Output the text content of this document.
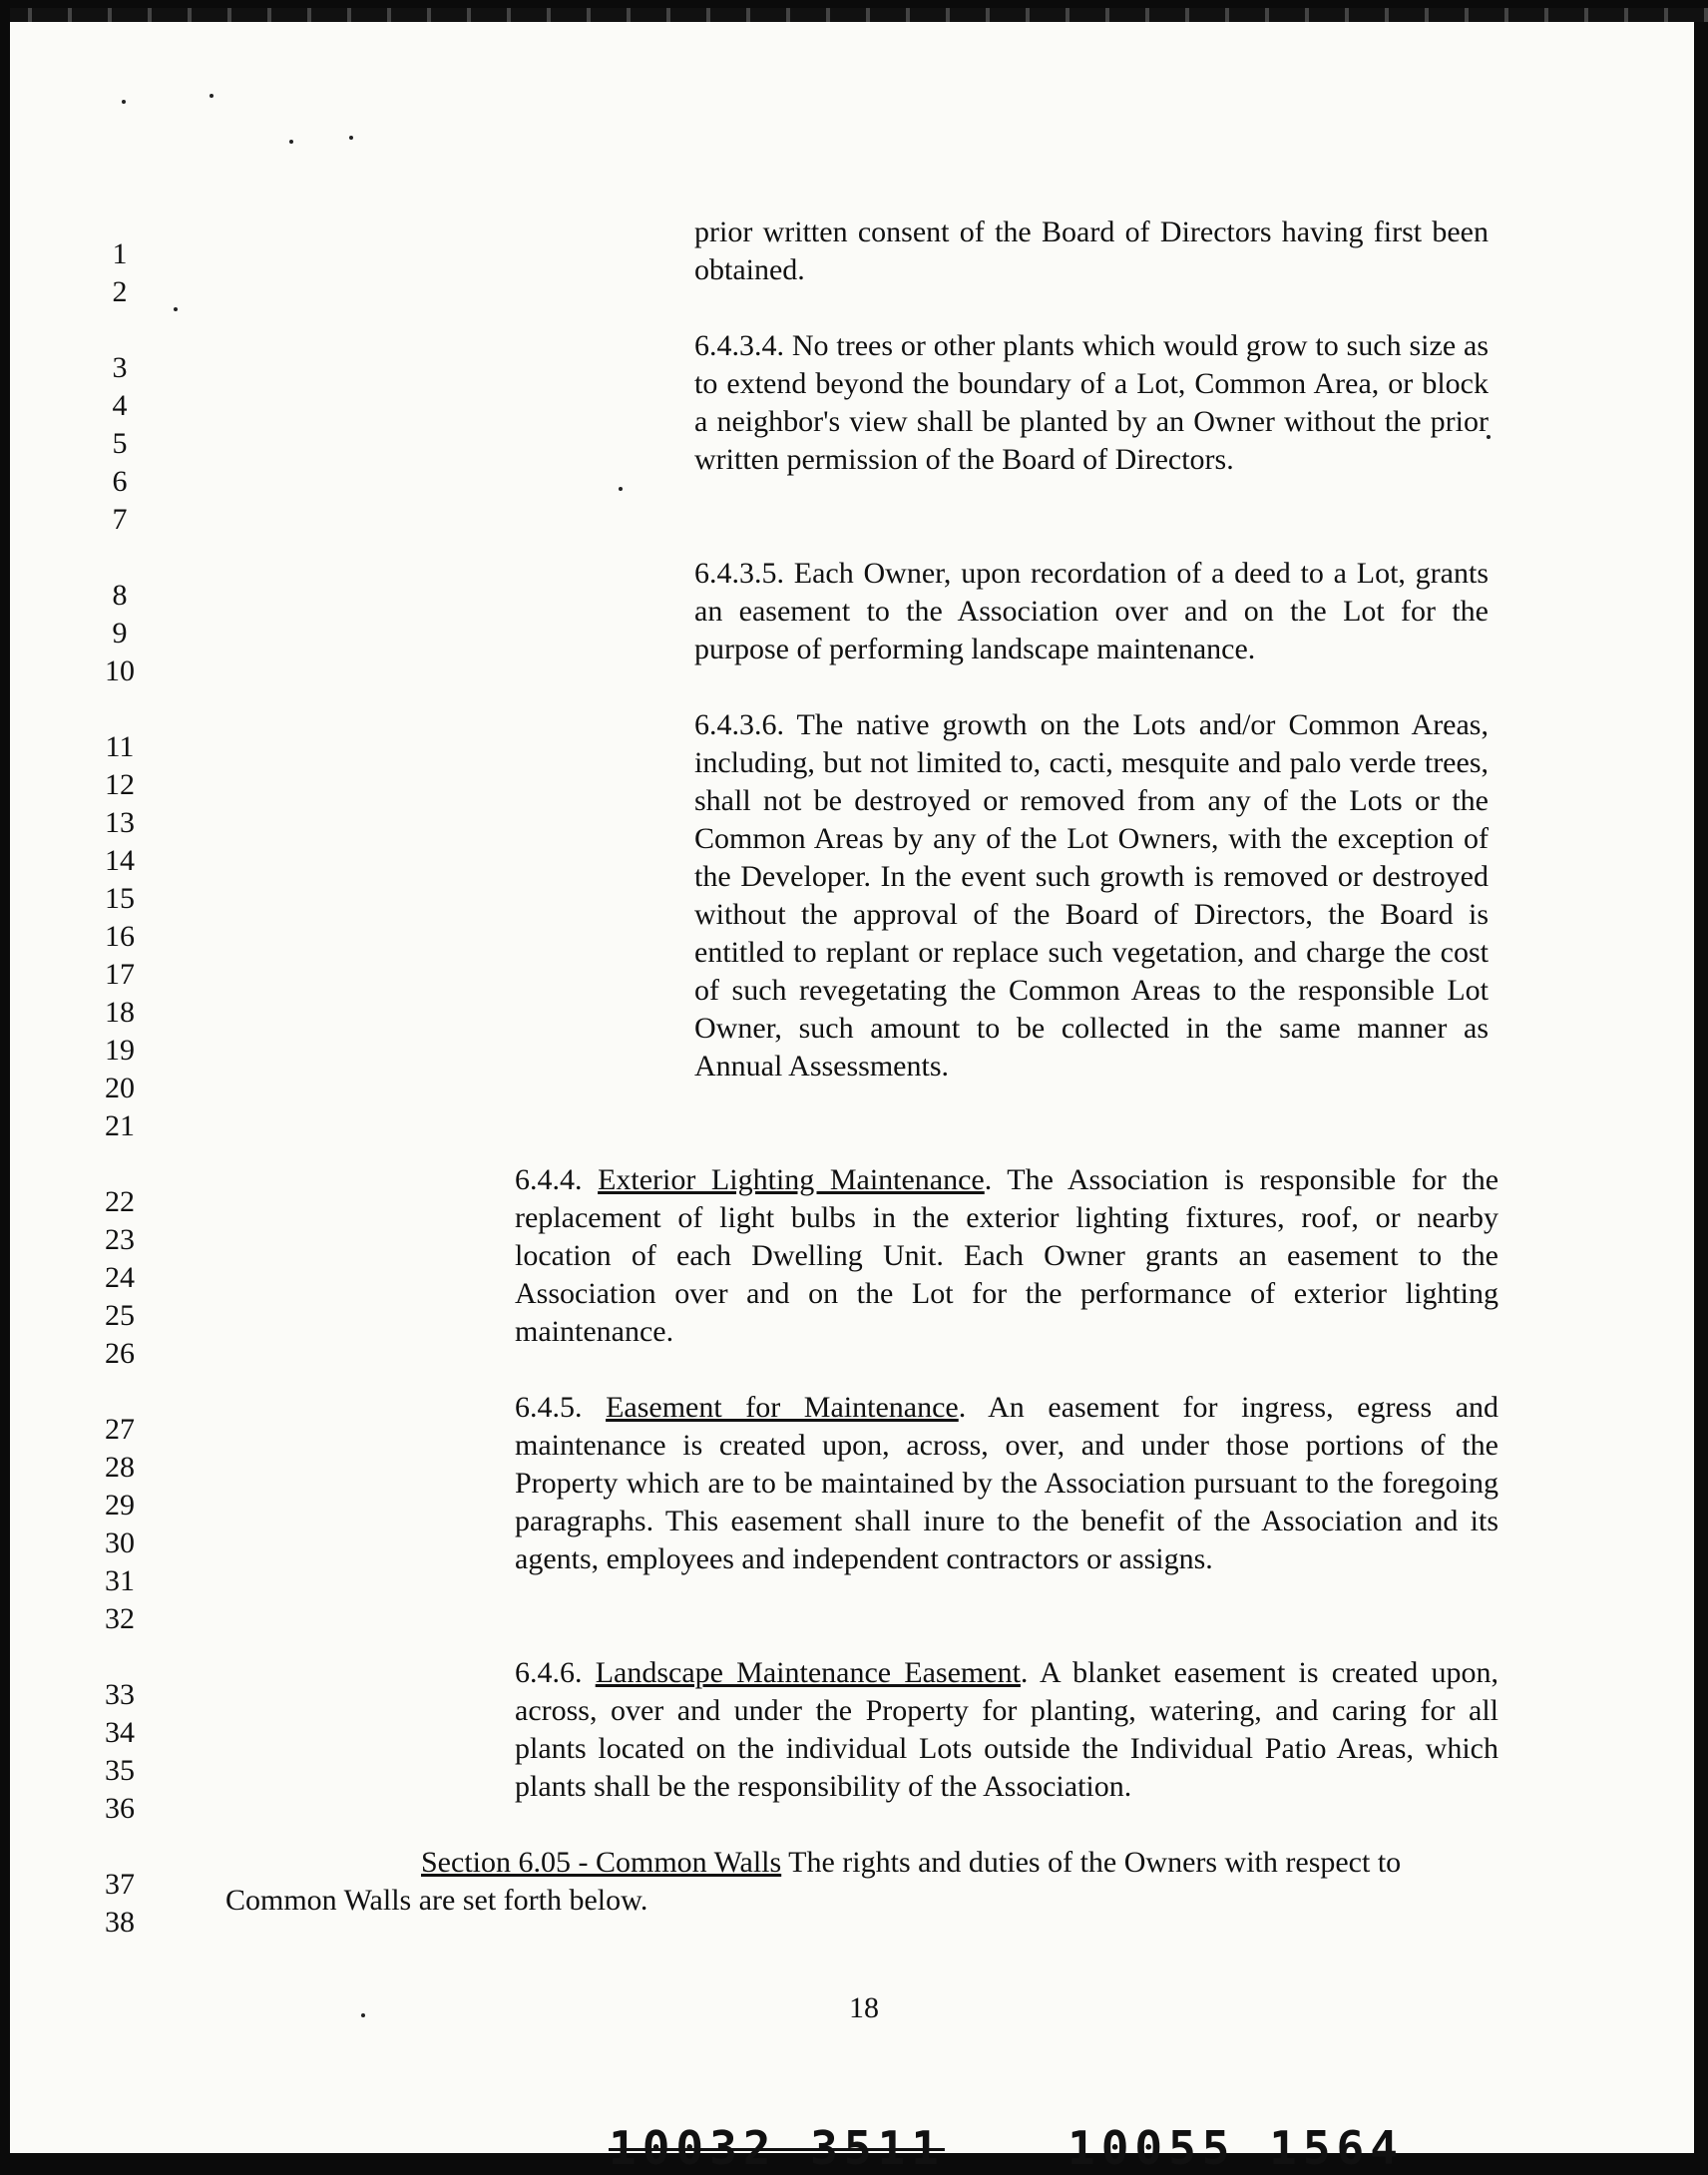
1
2
3
4
5
6
7
8
9
10
11
12
13
14
15
16
17
18
19
20
21
22
23
24
25
26
27
28
29
30
31
32
33
34
35
36
37
38

prior written consent of the Board of Directors having first been obtained.

6.4.3.4. No trees or other plants which would grow to such size as to extend beyond the boundary of a Lot, Common Area, or block a neighbor's view shall be planted by an Owner without the prior written permission of the Board of Directors.

6.4.3.5. Each Owner, upon recordation of a deed to a Lot, grants an easement to the Association over and on the Lot for the purpose of performing landscape maintenance.

6.4.3.6. The native growth on the Lots and/or Common Areas, including, but not limited to, cacti, mesquite and palo verde trees, shall not be destroyed or removed from any of the Lots or the Common Areas by any of the Lot Owners, with the exception of the Developer. In the event such growth is removed or destroyed without the approval of the Board of Directors, the Board is entitled to replant or replace such vegetation, and charge the cost of such revegetating the Common Areas to the responsible Lot Owner, such amount to be collected in the same manner as Annual Assessments.

6.4.4. Exterior Lighting Maintenance. The Association is responsible for the replacement of light bulbs in the exterior lighting fixtures, roof, or nearby location of each Dwelling Unit. Each Owner grants an easement to the Association over and on the Lot for the performance of exterior lighting maintenance.

6.4.5. Easement for Maintenance. An easement for ingress, egress and maintenance is created upon, across, over, and under those portions of the Property which are to be maintained by the Association pursuant to the foregoing paragraphs. This easement shall inure to the benefit of the Association and its agents, employees and independent contractors or assigns.

6.4.6. Landscape Maintenance Easement. A blanket easement is created upon, across, over and under the Property for planting, watering, and caring for all plants located on the individual Lots outside the Individual Patio Areas, which plants shall be the responsibility of the Association.

Section 6.05 - Common Walls The rights and duties of the Owners with respect to Common Walls are set forth below.
18
10032 3511	10055 1564
